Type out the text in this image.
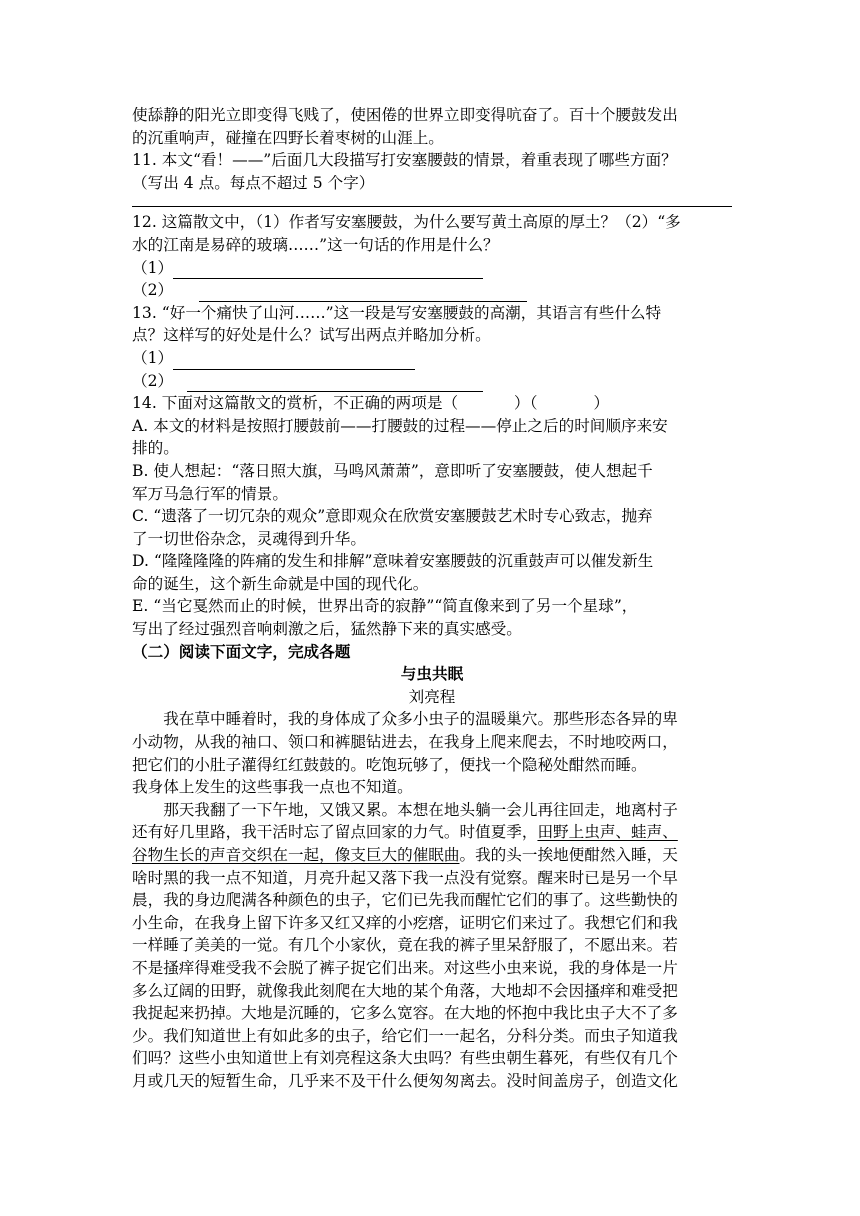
使舔静的阳光立即变得飞贱了，使困倦的世界立即变得吭奋了。百十个腰鼓发出

的沉重响声，碰撞在四野长着枣树的山涯上。

11. 本文“看！——”后面几大段描写打安塞腰鼓的情景，着重表现了哪些方面？

（写出 4 点。每点不超过 5 个字）

12. 这篇散文中，（1）作者写安塞腰鼓，为什么要写黄土高原的厚土？（2）“多

水的江南是易碎的玻璃……”这一句话的作用是什么？

（1）
（2）

13. “好一个痛快了山河……”这一段是写安塞腰鼓的高潮，其语言有些什么特

点？这样写的好处是什么？试写出两点并略加分析。

（1）
（2）

14. 下面对这篇散文的赏析，不正确的两项是（	）（	）

A. 本文的材料是按照打腰鼓前——打腰鼓的过程——停止之后的时间顺序来安

排的。

B. 使人想起：“落日照大旗，马鸣风萧萧”，意即听了安塞腰鼓，使人想起千

军万马急行军的情景。

C. “遗落了一切冗杂的观众”意即观众在欣赏安塞腰鼓艺术时专心致志，抛弃

了一切世俗杂念，灵魂得到升华。

D. “隆隆隆隆的阵痛的发生和排解”意味着安塞腰鼓的沉重鼓声可以催发新生

命的诞生，这个新生命就是中国的现代化。

E. “当它戛然而止的时候，世界出奇的寂静”“简直像来到了另一个星球”，

写出了经过强烈音响刺激之后，猛然静下来的真实感受。

（二）阅读下面文字，完成各题

与虫共眠

刘亮程

我在草中睡着时，我的身体成了众多小虫子的温暖巢穴。那些形态各异的卑

小动物，从我的袖口、领口和裤腿钻进去，在我身上爬来爬去，不时地咬两口，

把它们的小肚子灌得红红鼓鼓的。吃饱玩够了，便找一个隐秘处酣然而睡。

我身体上发生的这些事我一点也不知道。

那天我翻了一下午地，又饿又累。本想在地头躺一会儿再往回走，地离村子

还有好几里路，我干活时忘了留点回家的力气。时值夏季，田野上虫声、蛙声、

谷物生长的声音交织在一起，像支巨大的催眠曲。我的头一挨地便酣然入睡，天

啥时黑的我一点不知道，月亮升起又落下我一点没有觉察。醒来时已是另一个早

晨，我的身边爬满各种颜色的虫子，它们已先我而醒忙它们的事了。这些勤快的

小生命，在我身上留下许多又红又痒的小疙瘩，证明它们来过了。我想它们和我

一样睡了美美的一觉。有几个小家伙，竟在我的裤子里呆舒服了，不愿出来。若

不是搔痒得难受我不会脱了裤子捉它们出来。对这些小虫来说，我的身体是一片

多么辽阔的田野，就像我此刻爬在大地的某个角落，大地却不会因搔痒和难受把

我捉起来扔掉。大地是沉睡的，它多么宽容。在大地的怀抱中我比虫子大不了多

少。我们知道世上有如此多的虫子，给它们一一起名，分科分类。而虫子知道我

们吗？这些小虫知道世上有刘亮程这条大虫吗？有些虫朝生暮死，有些仅有几个

月或几天的短暂生命，几乎来不及干什么便匆匆离去。没时间盖房子，创造文化
